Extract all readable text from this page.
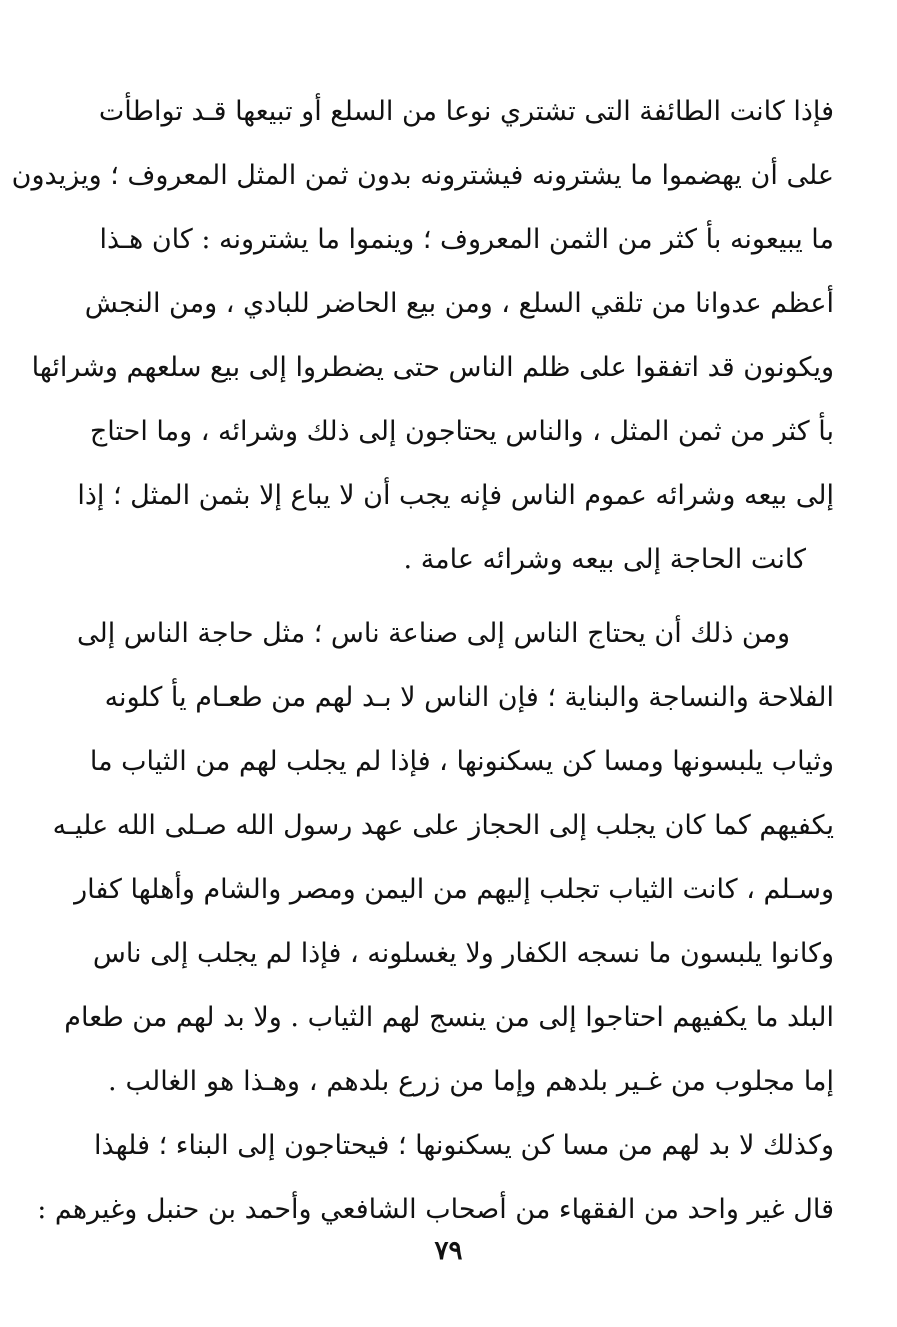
فإذا كانت الطائفة التى تشتري نوعا من السلع أو تبيعها قـد تواطأت
على أن يهضموا ما يشترونه فيشترونه بدون ثمن المثل المعروف ؛ ويزيدون
ما يبيعونه بأ كثر من الثمن المعروف ؛ وينموا ما يشترونه : كان هـذا
أعظم عدوانا من تلقي السلع ، ومن بيع الحاضر للبادي ، ومن النجش
ويكونون قد اتفقوا على ظلم الناس حتى يضطروا إلى بيع سلعهم وشرائها
بأ كثر من ثمن المثل ، والناس يحتاجون إلى ذلك وشرائه ، وما احتاج
إلى بيعه وشرائه عموم الناس فإنه يجب أن لا يباع إلا بثمن المثل ؛ إذا
كانت الحاجة إلى بيعه وشرائه عامة .
ومن ذلك أن يحتاج الناس إلى صناعة ناس ؛ مثل حاجة الناس إلى
الفلاحة والنساجة والبناية ؛ فإن الناس لا بـد لهم من طعـام يأ كلونه
وثياب يلبسونها ومسا كن يسكنونها ، فإذا لم يجلب لهم من الثياب ما
يكفيهم كما كان يجلب إلى الحجاز على عهد رسول الله صـلى الله عليـه
وسـلم ، كانت الثياب تجلب إليهم من اليمن ومصر والشام وأهلها كفار
وكانوا يلبسون ما نسجه الكفار ولا يغسلونه ، فإذا لم يجلب إلى ناس
البلد ما يكفيهم احتاجوا إلى من ينسج لهم الثياب . ولا بد لهم من طعام
إما مجلوب من غـير بلدهم وإما من زرع بلدهم ، وهـذا هو الغالب .
وكذلك لا بد لهم من مسا كن يسكنونها ؛ فيحتاجون إلى البناء ؛ فلهذا
قال غير واحد من الفقهاء من أصحاب الشافعي وأحمد بن حنبل وغيرهم :
٧٩
